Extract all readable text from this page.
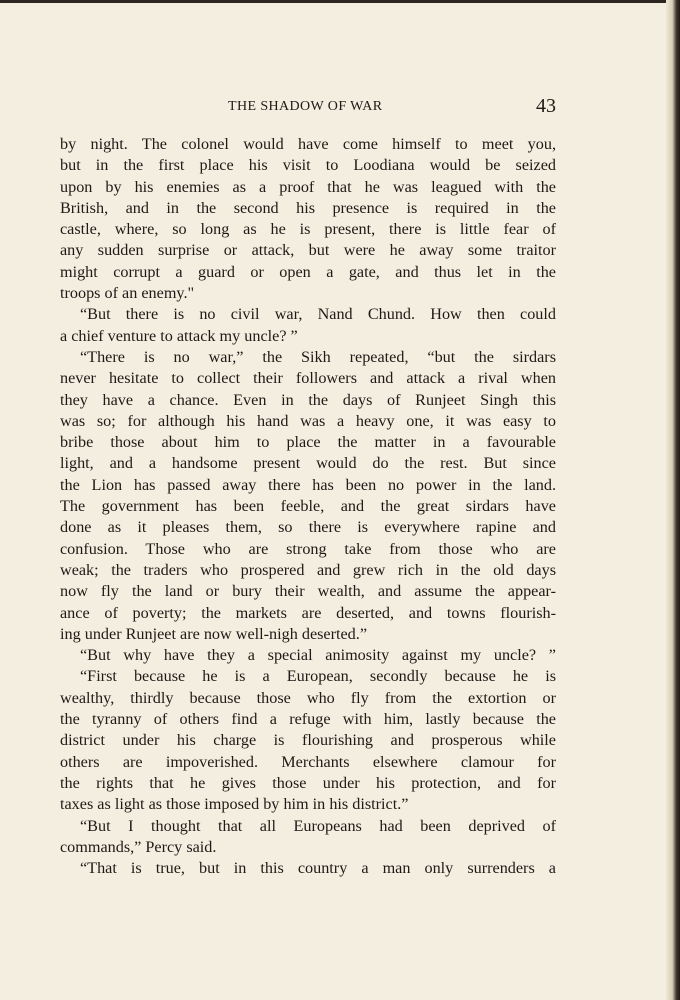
THE SHADOW OF WAR	43
by night. The colonel would have come himself to meet you,
but in the first place his visit to Loodiana would be seized
upon by his enemies as a proof that he was leagued with the
British, and in the second his presence is required in the
castle, where, so long as he is present, there is little fear of
any sudden surprise or attack, but were he away some traitor
might corrupt a guard or open a gate, and thus let in the
troops of an enemy."
“But there is no civil war, Nand Chund. How then could
a chief venture to attack my uncle? ”
“There is no war,” the Sikh repeated, “but the sirdars
never hesitate to collect their followers and attack a rival when
they have a chance. Even in the days of Runjeet Singh this
was so; for although his hand was a heavy one, it was easy to
bribe those about him to place the matter in a favourable
light, and a handsome present would do the rest. But since
the Lion has passed away there has been no power in the land.
The government has been feeble, and the great sirdars have
done as it pleases them, so there is everywhere rapine and
confusion. Those who are strong take from those who are
weak; the traders who prospered and grew rich in the old days
now fly the land or bury their wealth, and assume the appear-
ance of poverty; the markets are deserted, and towns flourish-
ing under Runjeet are now well-nigh deserted.”
“But why have they a special animosity against my uncle? ”
“First because he is a European, secondly because he is
wealthy, thirdly because those who fly from the extortion or
the tyranny of others find a refuge with him, lastly because the
district under his charge is flourishing and prosperous while
others are impoverished. Merchants elsewhere clamour for
the rights that he gives those under his protection, and for
taxes as light as those imposed by him in his district.”
“But I thought that all Europeans had been deprived of
commands,” Percy said.
“That is true, but in this country a man only surrenders a
